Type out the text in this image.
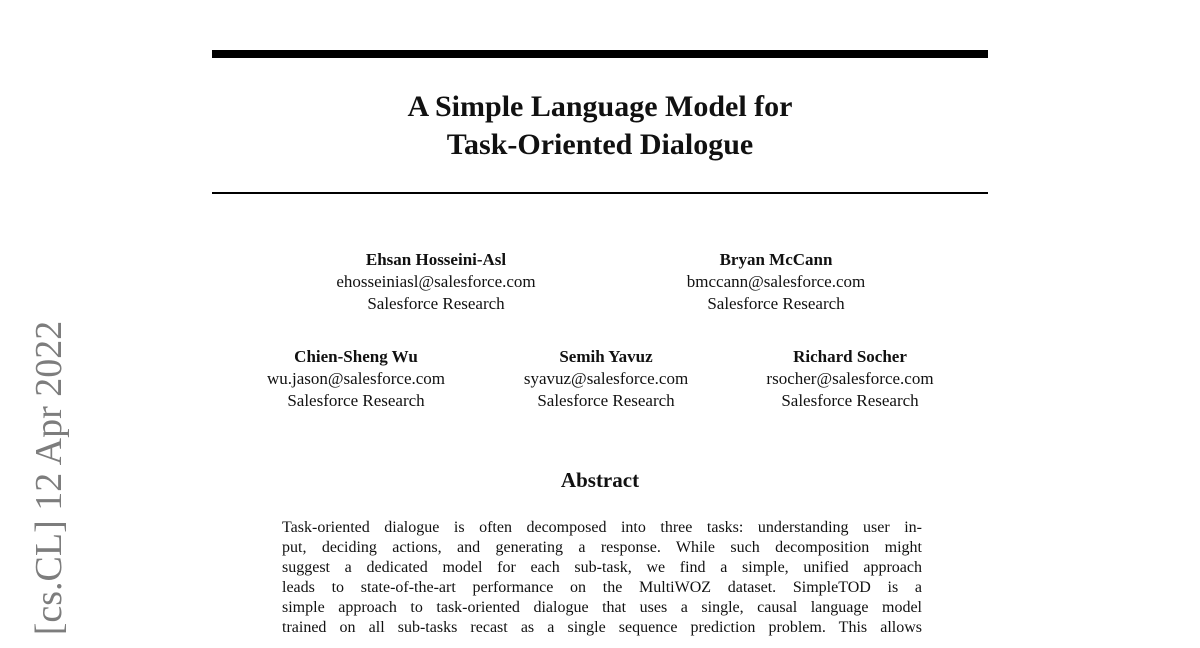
A Simple Language Model for
Task-Oriented Dialogue
Ehsan Hosseini-Asl
ehosseiniasl@salesforce.com
Salesforce Research
Bryan McCann
bmccann@salesforce.com
Salesforce Research
Chien-Sheng Wu
wu.jason@salesforce.com
Salesforce Research
Semih Yavuz
syavuz@salesforce.com
Salesforce Research
Richard Socher
rsocher@salesforce.com
Salesforce Research
Abstract
Task-oriented dialogue is often decomposed into three tasks: understanding user in-
put, deciding actions, and generating a response. While such decomposition might
suggest a dedicated model for each sub-task, we find a simple, unified approach
leads to state-of-the-art performance on the MultiWOZ dataset. SimpleTOD is a
simple approach to task-oriented dialogue that uses a single, causal language model
trained on all sub-tasks recast as a single sequence prediction problem. This allows
[cs.CL] 12 Apr 2022
